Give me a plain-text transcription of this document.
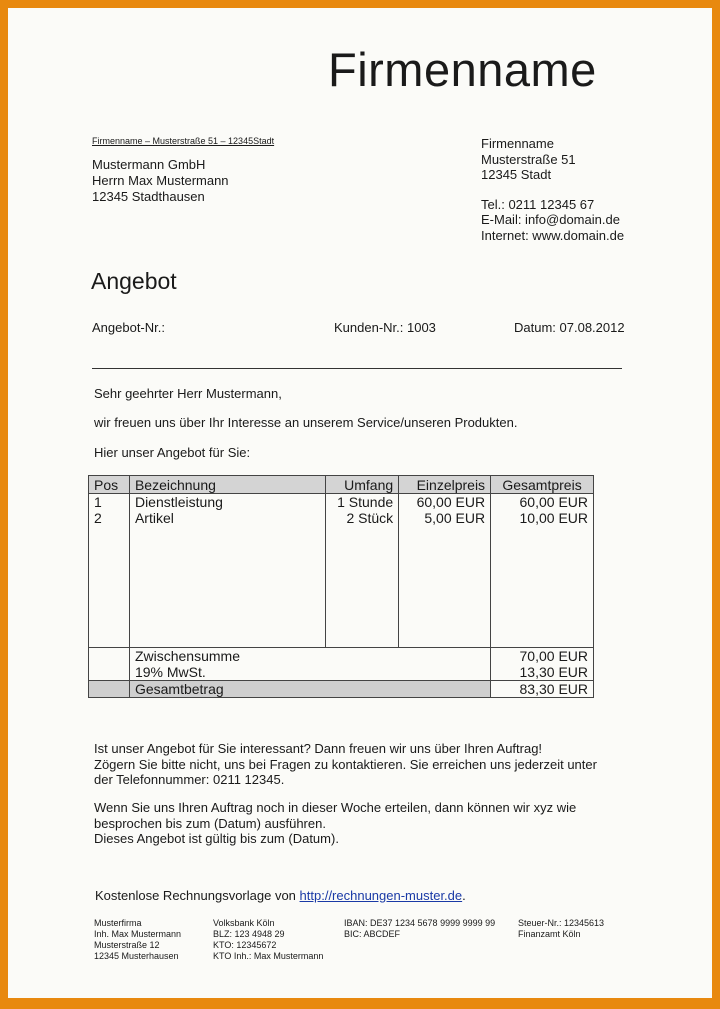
Firmenname
Firmenname – Musterstraße 51 – 12345Stadt
Mustermann GmbH
Herrn Max Mustermann
12345 Stadthausen
Firmenname
Musterstraße 51
12345 Stadt
Tel.: 0211 12345 67
E-Mail: info@domain.de
Internet: www.domain.de
Angebot
Angebot-Nr.:	Kunden-Nr.: 1003	Datum: 07.08.2012
Sehr geehrter Herr Mustermann,
wir freuen uns über Ihr Interesse an unserem Service/unseren Produkten.
Hier unser Angebot für Sie:
Pos	Bezeichnung	Umfang	Einzelpreis	Gesamtpreis
1	Dienstleistung	1 Stunde	60,00 EUR	60,00 EUR
2	Artikel	2 Stück	5,00 EUR	10,00 EUR

	Zwischensumme			70,00 EUR
	19% MwSt.			13,30 EUR
	Gesamtbetrag			83,30 EUR
Ist unser Angebot für Sie interessant? Dann freuen wir uns über Ihren Auftrag!
Zögern Sie bitte nicht, uns bei Fragen zu kontaktieren. Sie erreichen uns jederzeit unter
der Telefonnummer: 0211 12345.
Wenn Sie uns Ihren Auftrag noch in dieser Woche erteilen, dann können wir xyz wie
besprochen bis zum (Datum) ausführen.
Dieses Angebot ist gültig bis zum (Datum).
Kostenlose Rechnungsvorlage von http://rechnungen-muster.de.
Musterfirma
Inh. Max Mustermann
Musterstraße 12
12345 Musterhausen
Volksbank Köln
BLZ: 123 4948 29
KTO: 12345672
KTO Inh.: Max Mustermann
IBAN: DE37 1234 5678 9999 9999 99
BIC: ABCDEF
Steuer-Nr.: 12345613
Finanzamt Köln
